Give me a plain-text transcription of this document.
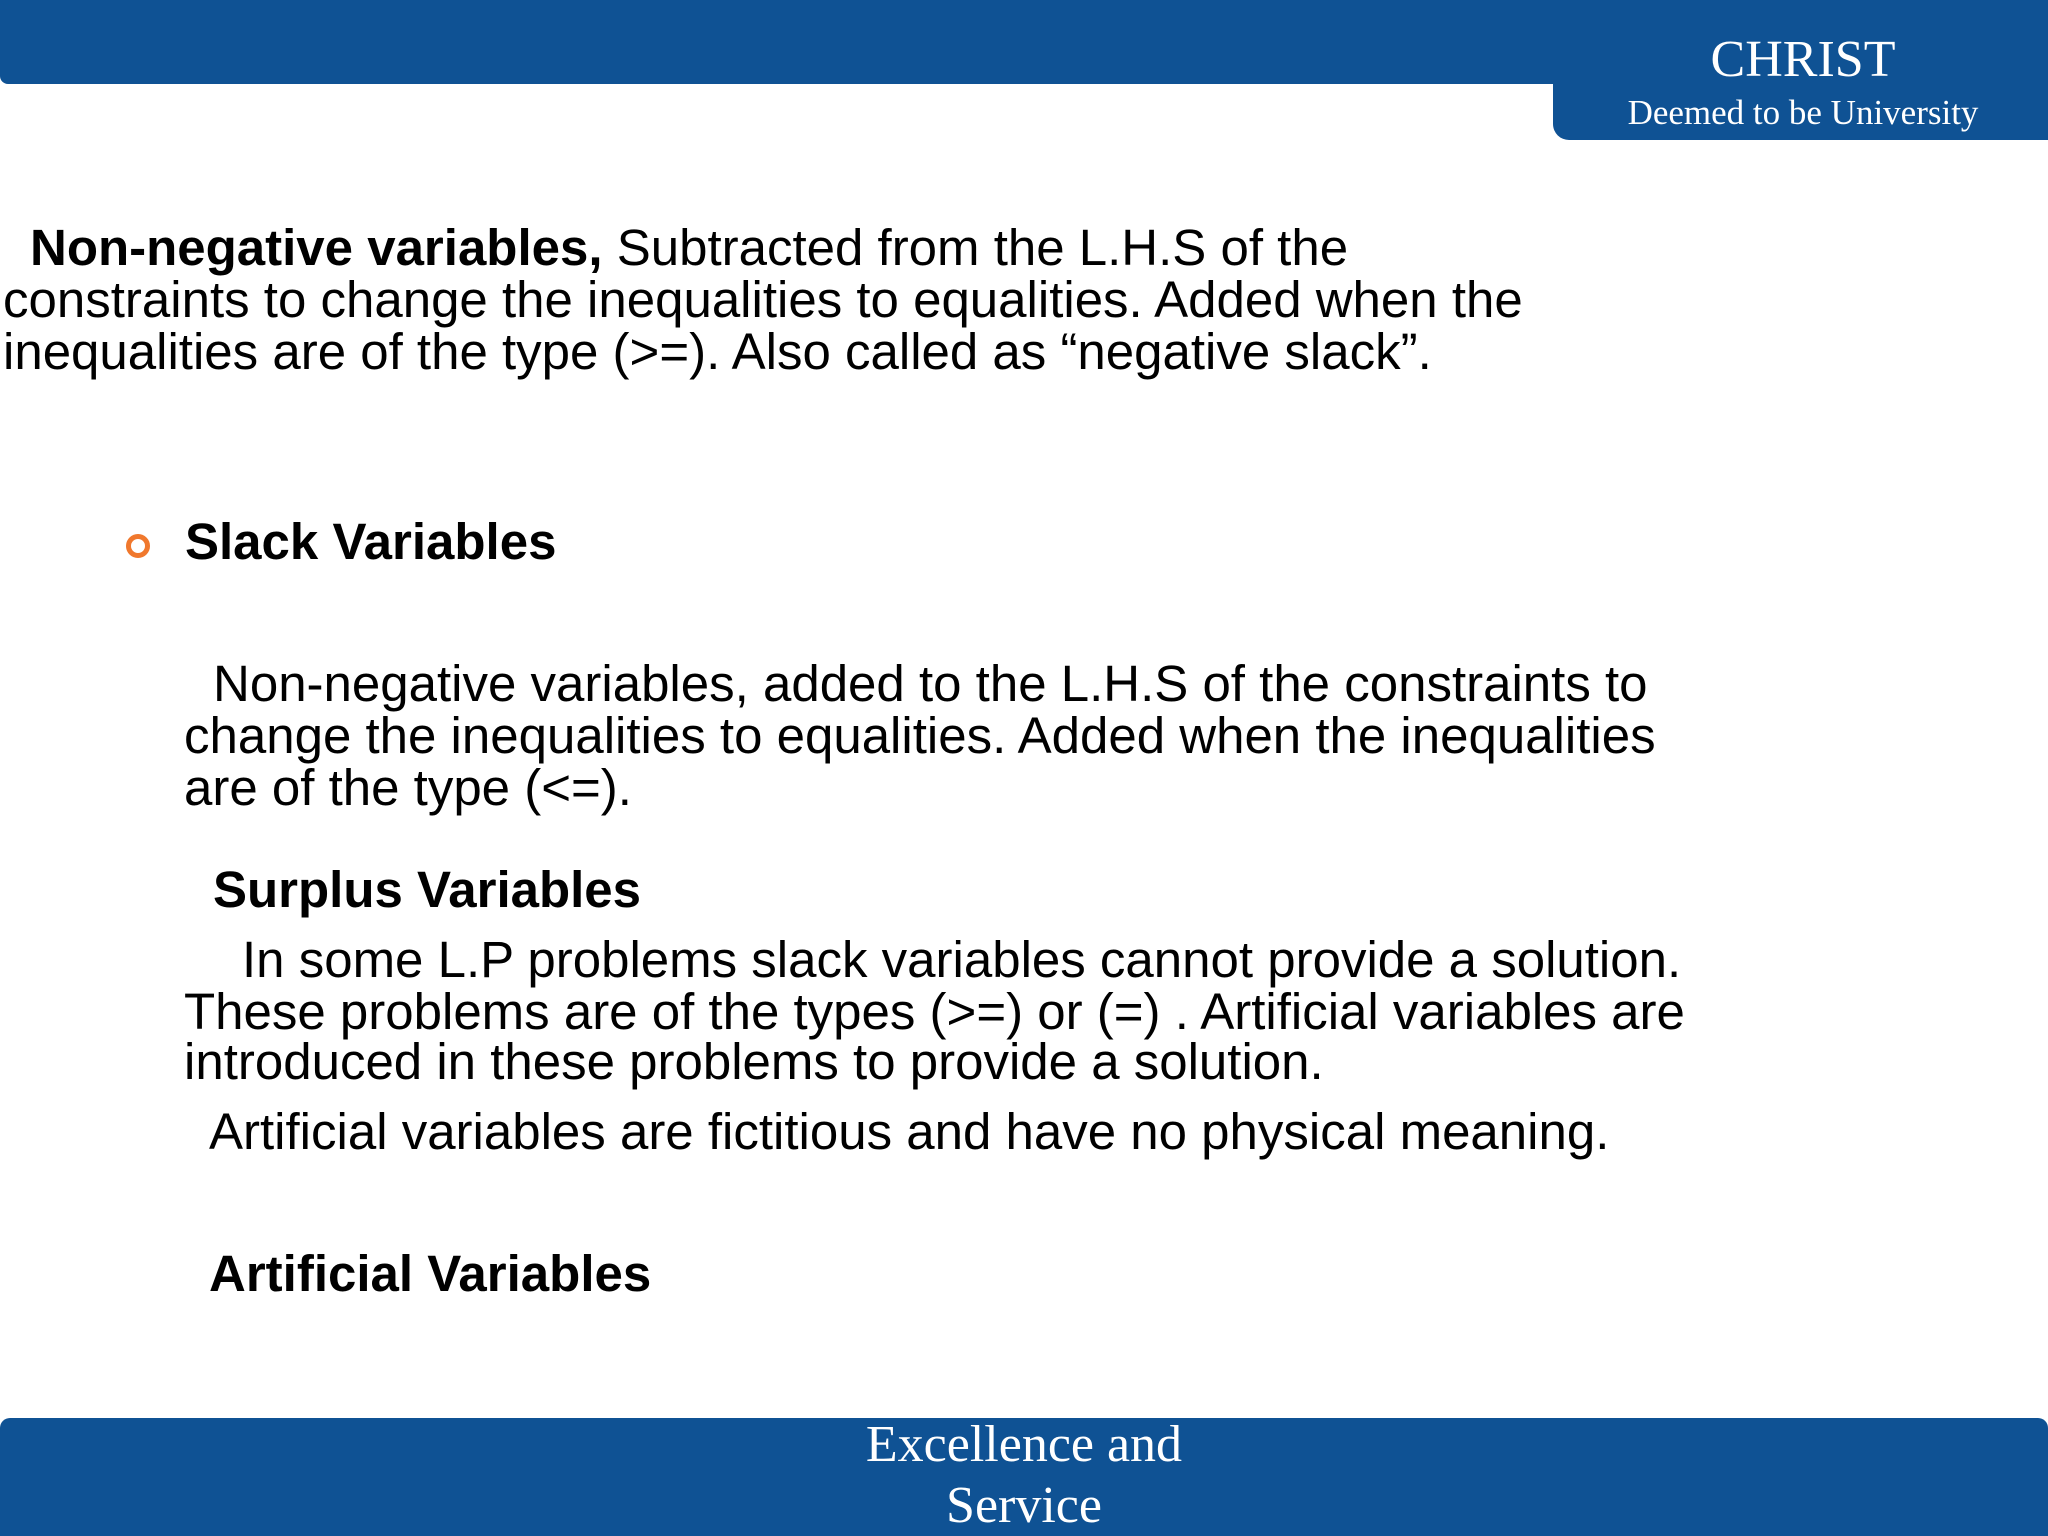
CHRIST
Deemed to be University

Non-negative variables, Subtracted from the L.H.S of the

constraints to change the inequalities to equalities. Added when the

inequalities are of the type (>=). Also called as “negative slack”.

Slack Variables

Non-negative variables, added to the L.H.S of the constraints to

change the inequalities to equalities. Added when the inequalities

are of the type (<=).

Surplus Variables

In some L.P problems slack variables cannot provide a solution.

These problems are of the types (>=) or (=) . Artificial variables are

introduced in these problems to provide a solution.

Artificial variables are fictitious and have no physical meaning.

Artificial Variables
Excellence and
Service
